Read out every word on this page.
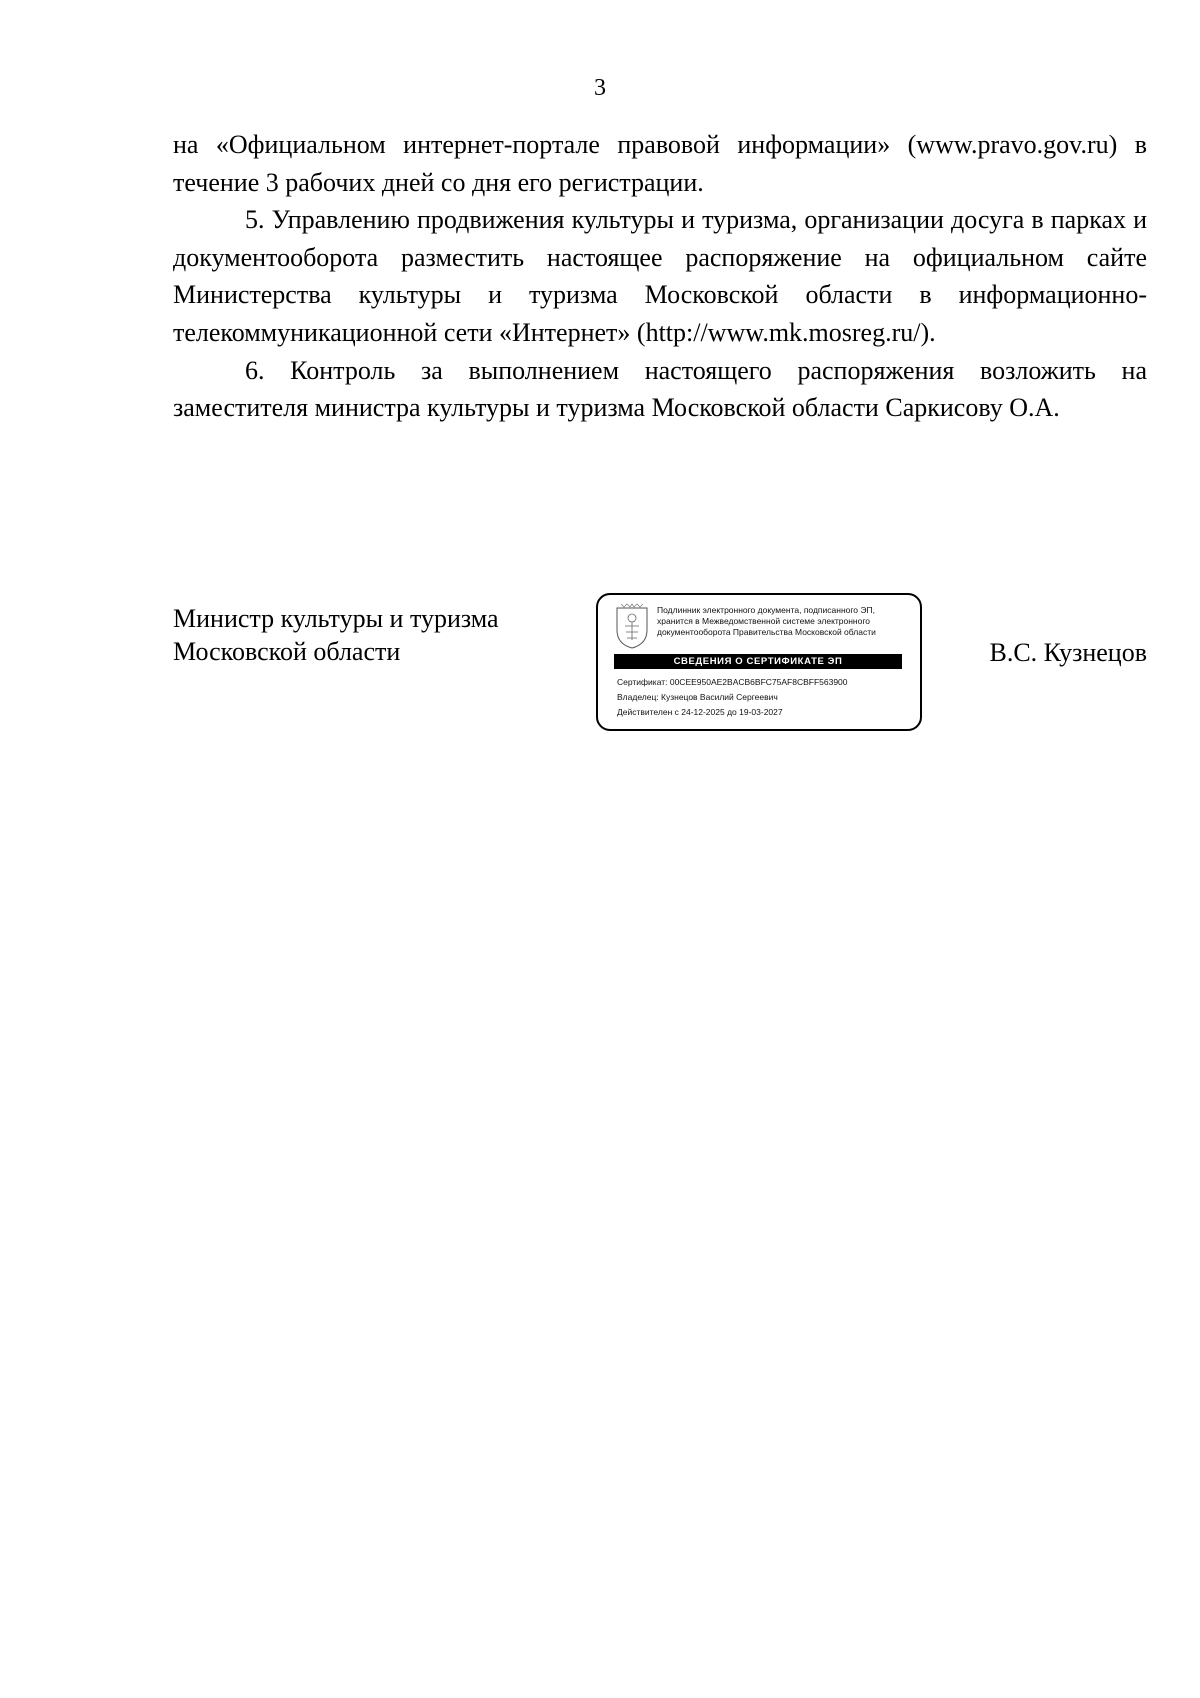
3

на «Официальном интернет-портале правовой информации» (www.pravo.gov.ru) в течение 3 рабочих дней со дня его регистрации.

5. Управлению продвижения культуры и туризма, организации досуга в парках и документооборота разместить настоящее распоряжение на официальном сайте Министерства культуры и туризма Московской области в информационно-телекоммуникационной сети «Интернет» (http://www.mk.mosreg.ru/).

6. Контроль за выполнением настоящего распоряжения возложить на заместителя министра культуры и туризма Московской области Саркисову О.А.

Министр культуры и туризма
Московской области
Подлинник электронного документа, подписанного ЭП,
хранится в Межведомственной системе электронного
документооборота Правительства Московской области
СВЕДЕНИЯ О СЕРТИФИКАТЕ ЭП
Сертификат: 00CEE950AE2BACB6BFC75AF8CBFF563900
Владелец: Кузнецов Василий Сергеевич
Действителен с 24-12-2025 до 19-03-2027
В.С. Кузнецов
